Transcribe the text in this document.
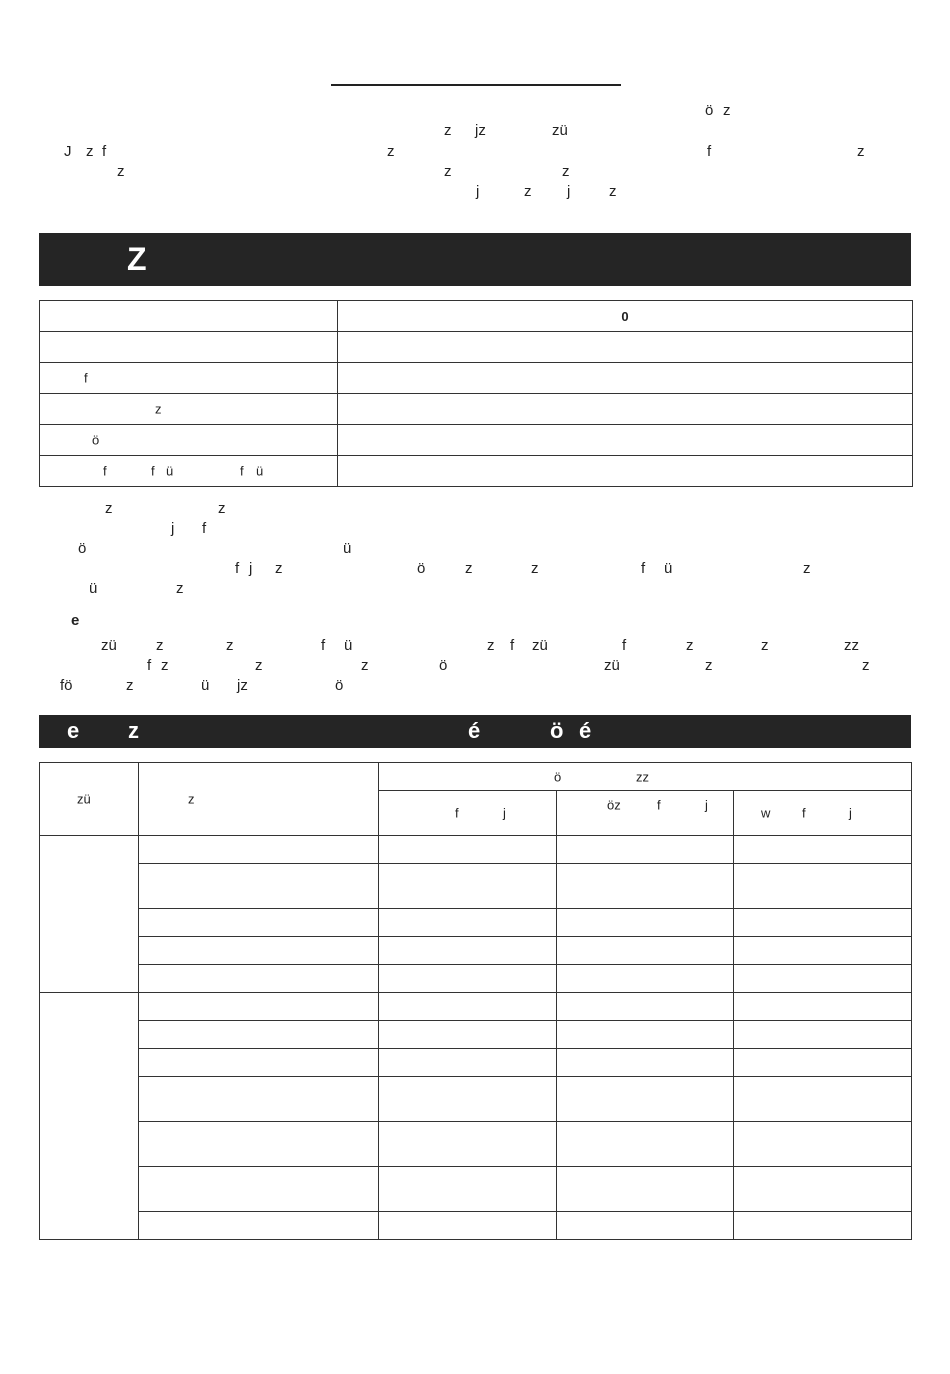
ö z
z jz	zü
J z f	z	f	z
z	z	z
j	z j	z
Z
	0

f	

z	

ö	

f f ü f ü	

z	z
j f
ö	ü
f j z	ö	z	z	f ü	z
ü	z
e
zü	z	z	f ü	z f zü	f	z	z	zz
f z	z	z	ö	zü	z	z
fö	z	ü jz	ö
e z	é	ö é
zü	z	ö zz		

		f j	öz f j	w f j
